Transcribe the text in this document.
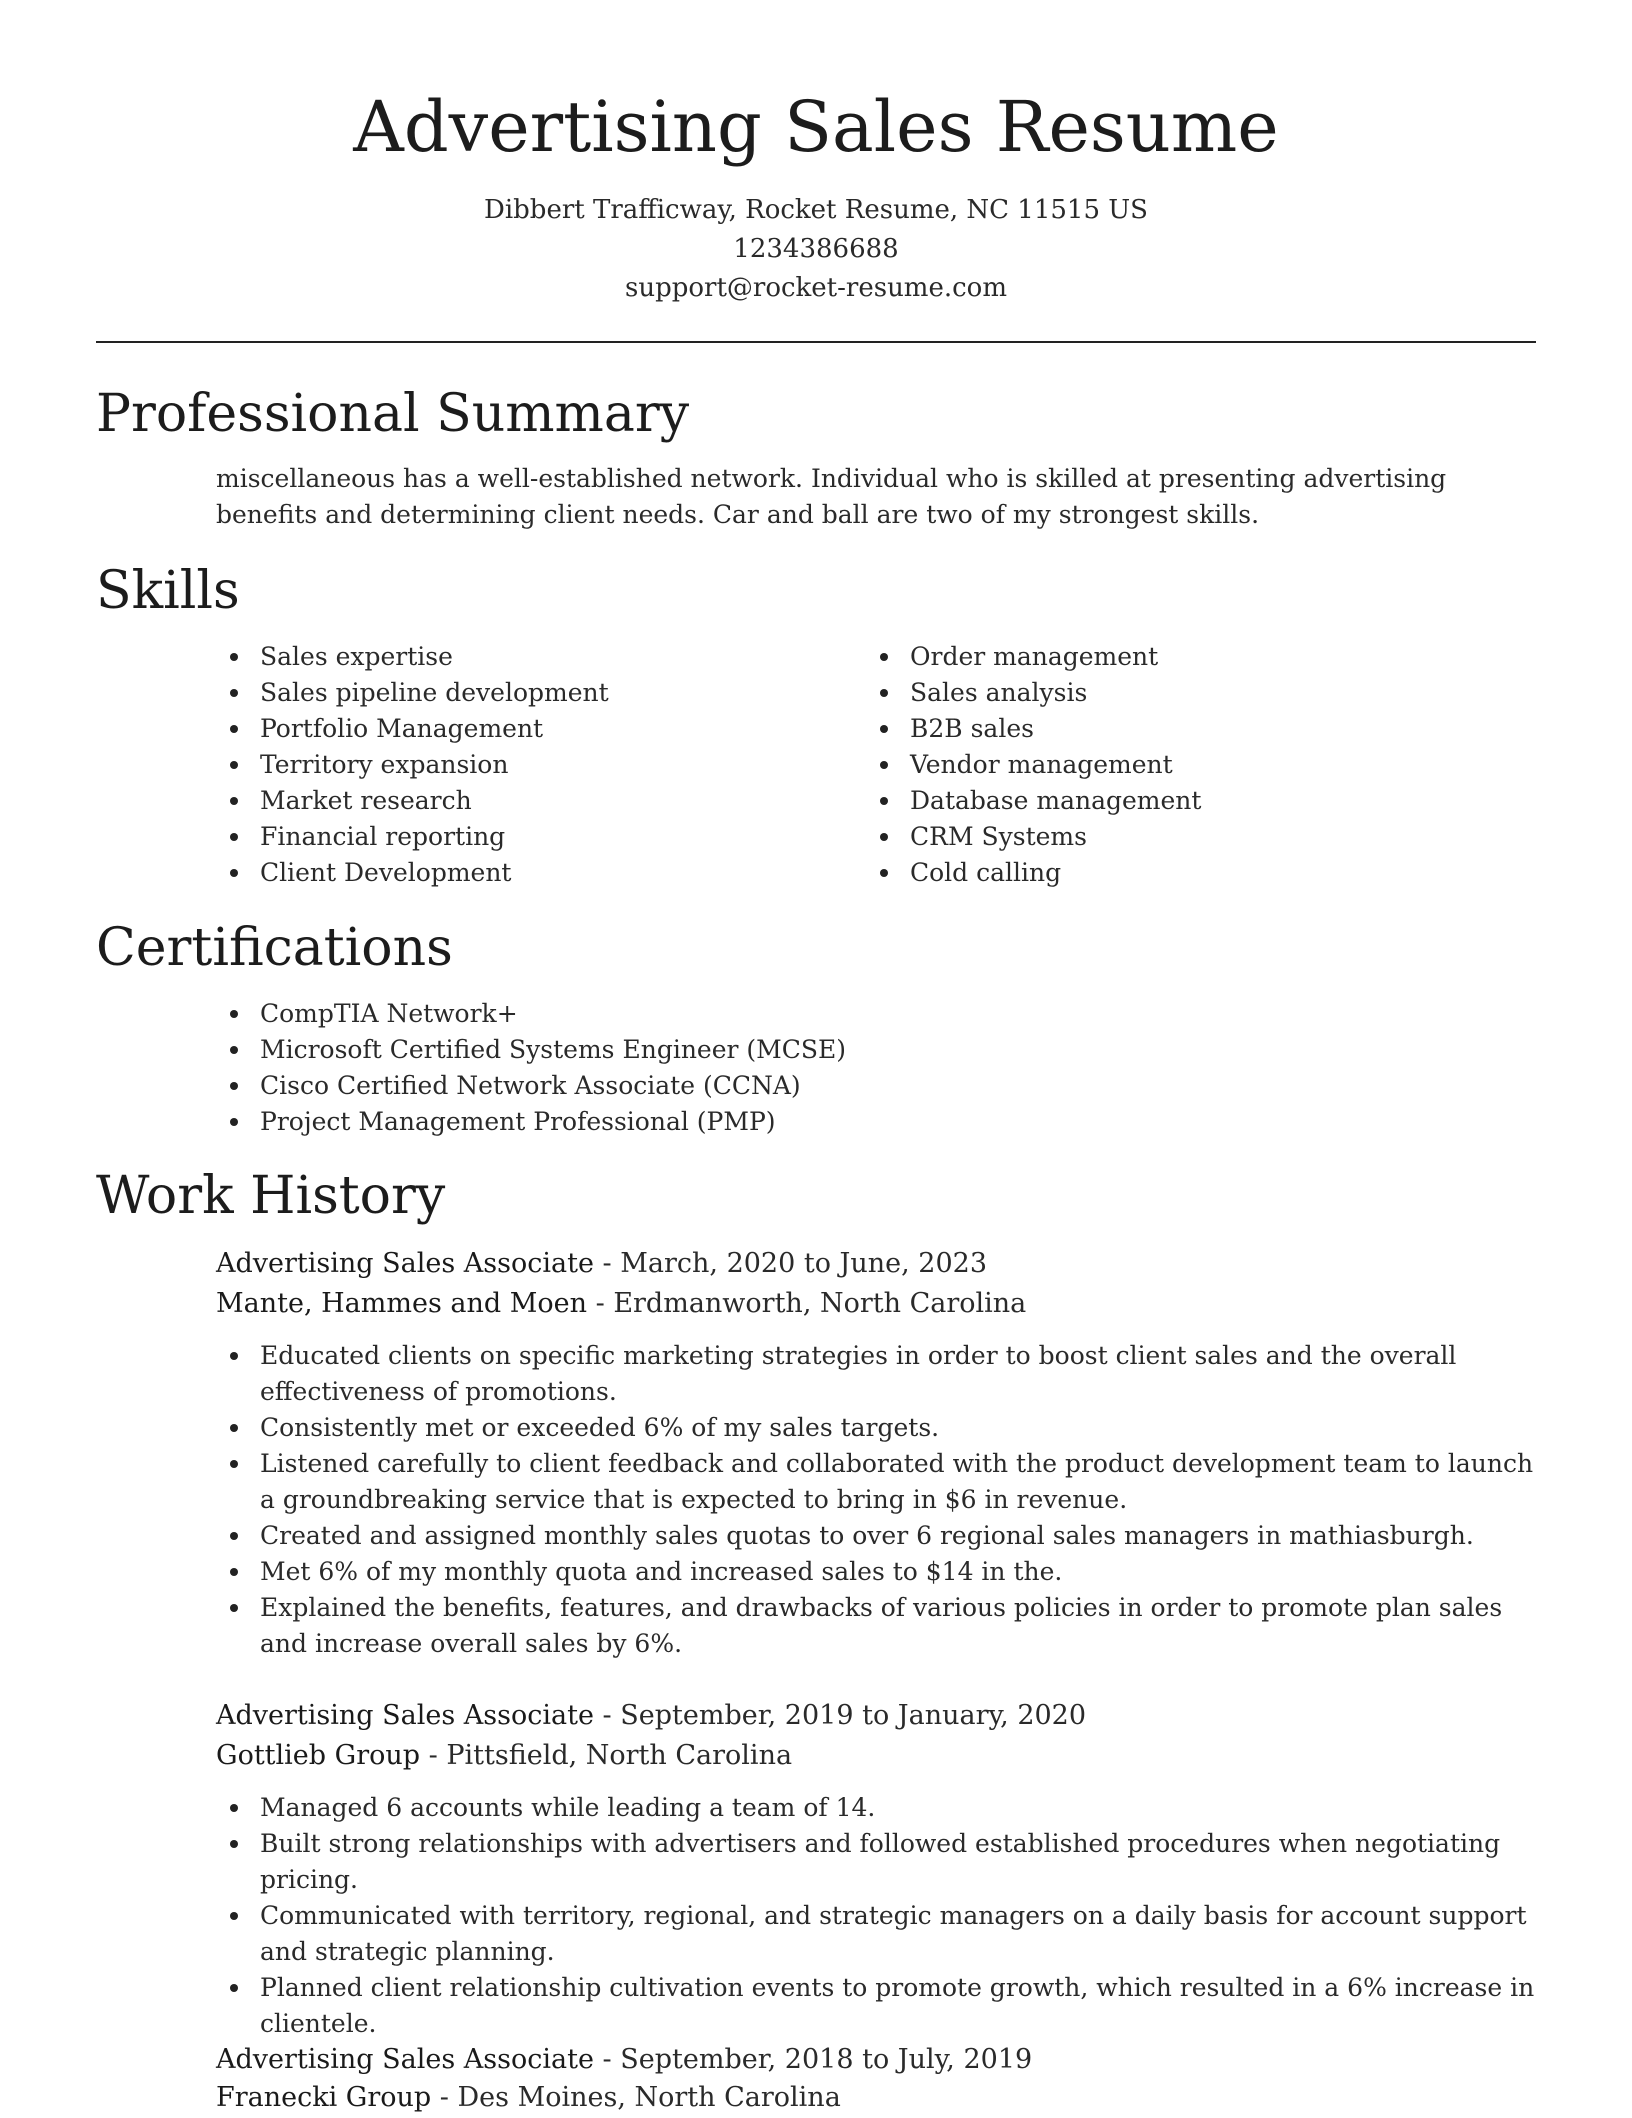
Advertising Sales Resume
Dibbert Trafficway, Rocket Resume, NC 11515 US
1234386688
support@rocket-resume.com
Professional Summary
miscellaneous has a well-established network. Individual who is skilled at presenting advertising benefits and determining client needs. Car and ball are two of my strongest skills.
Skills
Sales expertise
Sales pipeline development
Portfolio Management
Territory expansion
Market research
Financial reporting
Client Development
Order management
Sales analysis
B2B sales
Vendor management
Database management
CRM Systems
Cold calling
Certifications
CompTIA Network+
Microsoft Certified Systems Engineer (MCSE)
Cisco Certified Network Associate (CCNA)
Project Management Professional (PMP)
Work History
Advertising Sales Associate - March, 2020 to June, 2023
Mante, Hammes and Moen - Erdmanworth, North Carolina
Educated clients on specific marketing strategies in order to boost client sales and the overall effectiveness of promotions.
Consistently met or exceeded 6% of my sales targets.
Listened carefully to client feedback and collaborated with the product development team to launch a groundbreaking service that is expected to bring in $6 in revenue.
Created and assigned monthly sales quotas to over 6 regional sales managers in mathiasburgh.
Met 6% of my monthly quota and increased sales to $14 in the.
Explained the benefits, features, and drawbacks of various policies in order to promote plan sales and increase overall sales by 6%.
Advertising Sales Associate - September, 2019 to January, 2020
Gottlieb Group - Pittsfield, North Carolina
Managed 6 accounts while leading a team of 14.
Built strong relationships with advertisers and followed established procedures when negotiating pricing.
Communicated with territory, regional, and strategic managers on a daily basis for account support and strategic planning.
Planned client relationship cultivation events to promote growth, which resulted in a 6% increase in clientele.
Advertising Sales Associate - September, 2018 to July, 2019
Franecki Group - Des Moines, North Carolina
